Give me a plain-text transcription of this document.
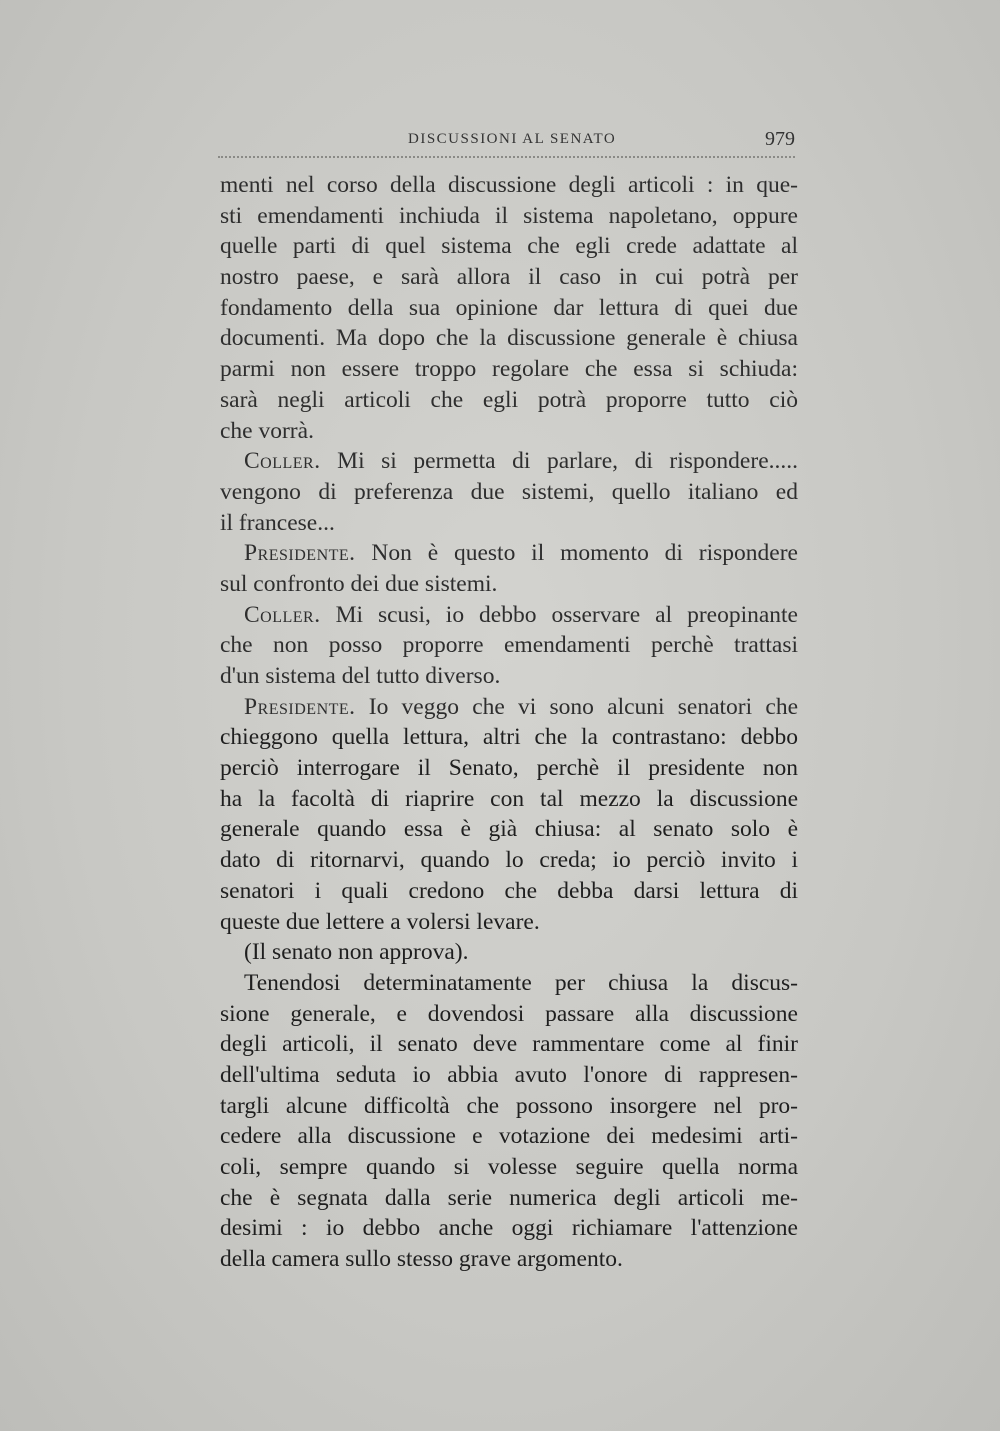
DISCUSSIONI AL SENATO	979
menti nel corso della discussione degli articoli : in que-
sti emendamenti inchiuda il sistema napoletano, oppure
quelle parti di quel sistema che egli crede adattate al
nostro paese, e sarà allora il caso in cui potrà per
fondamento della sua opinione dar lettura di quei due
documenti. Ma dopo che la discussione generale è chiusa
parmi non essere troppo regolare che essa si schiuda:
sarà negli articoli che egli potrà proporre tutto ciò
che vorrà.
Coller. Mi si permetta di parlare, di rispondere.....
vengono di preferenza due sistemi, quello italiano ed
il francese...
Presidente. Non è questo il momento di rispondere
sul confronto dei due sistemi.
Coller. Mi scusi, io debbo osservare al preopinante
che non posso proporre emendamenti perchè trattasi
d'un sistema del tutto diverso.
Presidente. Io veggo che vi sono alcuni senatori che
chieggono quella lettura, altri che la contrastano: debbo
perciò interrogare il Senato, perchè il presidente non
ha la facoltà di riaprire con tal mezzo la discussione
generale quando essa è già chiusa: al senato solo è
dato di ritornarvi, quando lo creda; io perciò invito i
senatori i quali credono che debba darsi lettura di
queste due lettere a volersi levare.
(Il senato non approva).
Tenendosi determinatamente per chiusa la discus-
sione generale, e dovendosi passare alla discussione
degli articoli, il senato deve rammentare come al finir
dell'ultima seduta io abbia avuto l'onore di rappresen-
targli alcune difficoltà che possono insorgere nel pro-
cedere alla discussione e votazione dei medesimi arti-
coli, sempre quando si volesse seguire quella norma
che è segnata dalla serie numerica degli articoli me-
desimi : io debbo anche oggi richiamare l'attenzione
della camera sullo stesso grave argomento.
